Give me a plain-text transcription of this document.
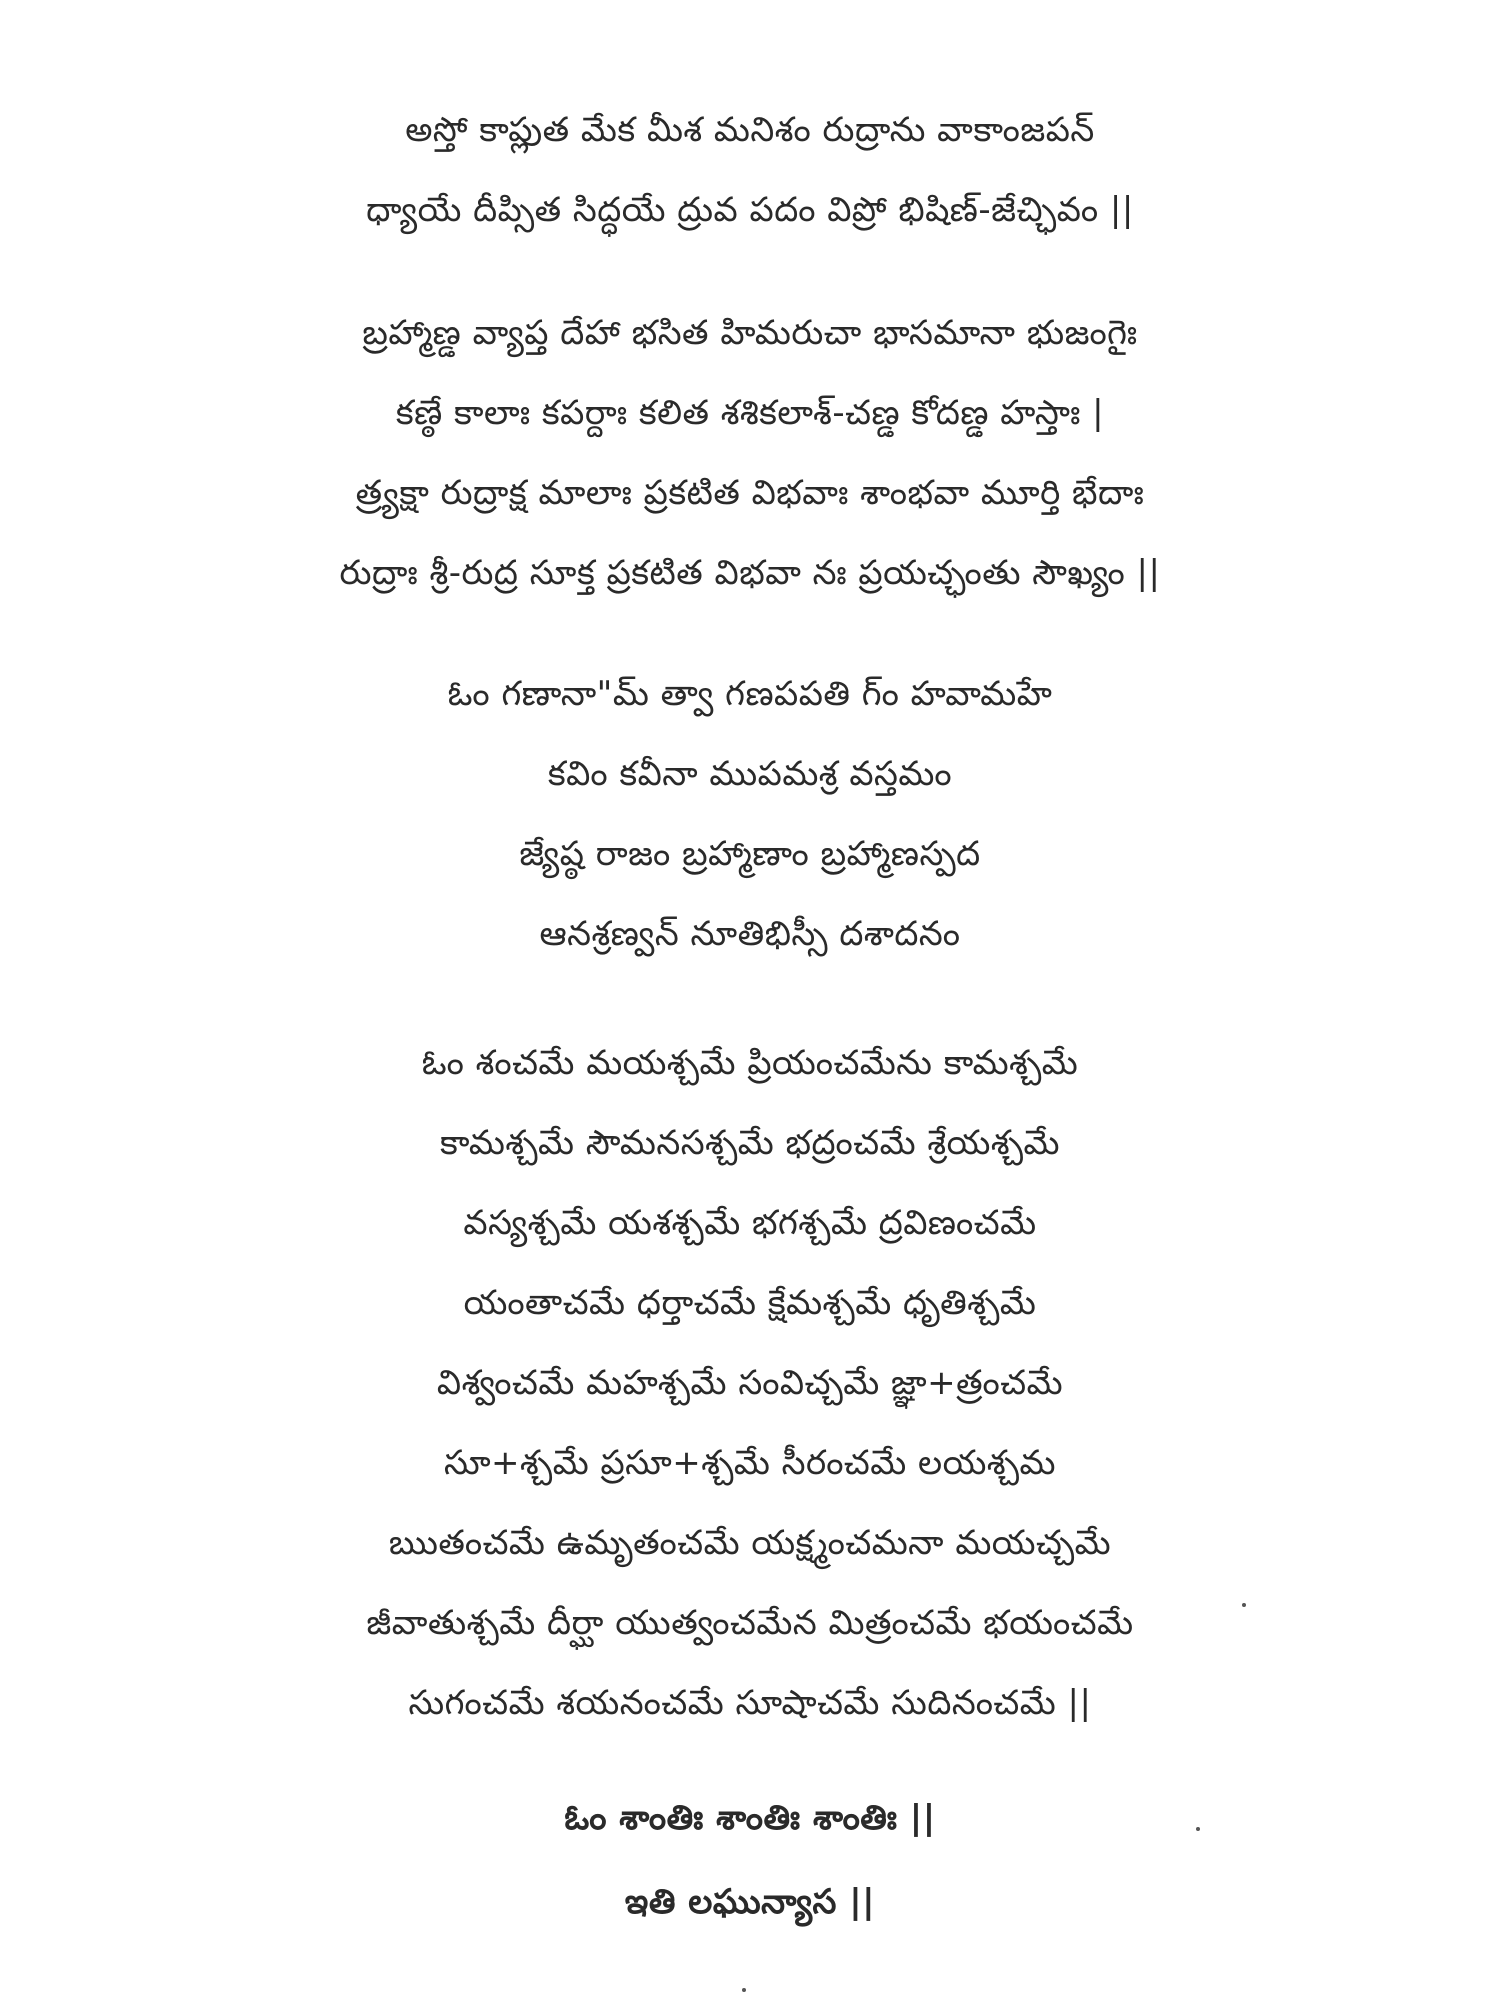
అస్తో కాప్లుత మేక మీశ మనిశం రుద్రాను వాకాంజపన్
ధ్యాయే దీప్సిత సిద్ధయే ద్రువ పదం విప్రో భిషిణ్-జేచ్ఛివం ||
బ్రహ్మాణ్డ వ్యాప్త దేహా భసిత హిమరుచా భాసమానా భుజంగైః
కణ్ఠే కాలాః కపర్దాః కలిత శశికలాశ్-చణ్డ కోదణ్డ హస్తాః |
త్ర్యక్షా రుద్రాక్ష మాలాః ప్రకటిత విభవాః శాంభవా మూర్తి భేదాః
రుద్రాః శ్రీ-రుద్ర సూక్త ప్రకటిత విభవా నః ప్రయచ్ఛంతు సౌఖ్యం ||
ఓం గణానా"మ్ త్వా గణపపతి గ్ం హవామహే
కవిం కవీనా ముపమశ్ర వస్తమం
జ్యేష్ఠ రాజం బ్రహ్మాణాం బ్రహ్మాణస్పద
ఆనశ్రణ్వన్ నూతిభిస్సీ దశాదనం
ఓం శంచమే మయశ్చమే ప్రియంచమేను కామశ్చమే
కామశ్చమే సౌమనసశ్చమే భద్రంచమే శ్రేయశ్చమే
వస్యశ్చమే యశశ్చమే భగశ్చమే ద్రవిణంచమే
యంతాచమే ధర్తాచమే క్షేమశ్చమే ధృతిశ్చమే
విశ్వంచమే మహశ్చమే సంవిచ్చమే జ్ఞా+త్రంచమే
సూ+శ్చమే ప్రసూ+శ్చమే సీరంచమే లయశ్చమ
ఋతంచమే ఉమృతంచమే యక్ష్మంచమనా మయచ్చమే
జీవాతుశ్చమే దీర్ఘా యుత్వంచమేన మిత్రంచమే భయంచమే
సుగంచమే శయనంచమే సూషాచమే సుదినంచమే ||
ఓం శాంతిః శాంతిః శాంతిః ||
ఇతి లఘున్యాస ||
